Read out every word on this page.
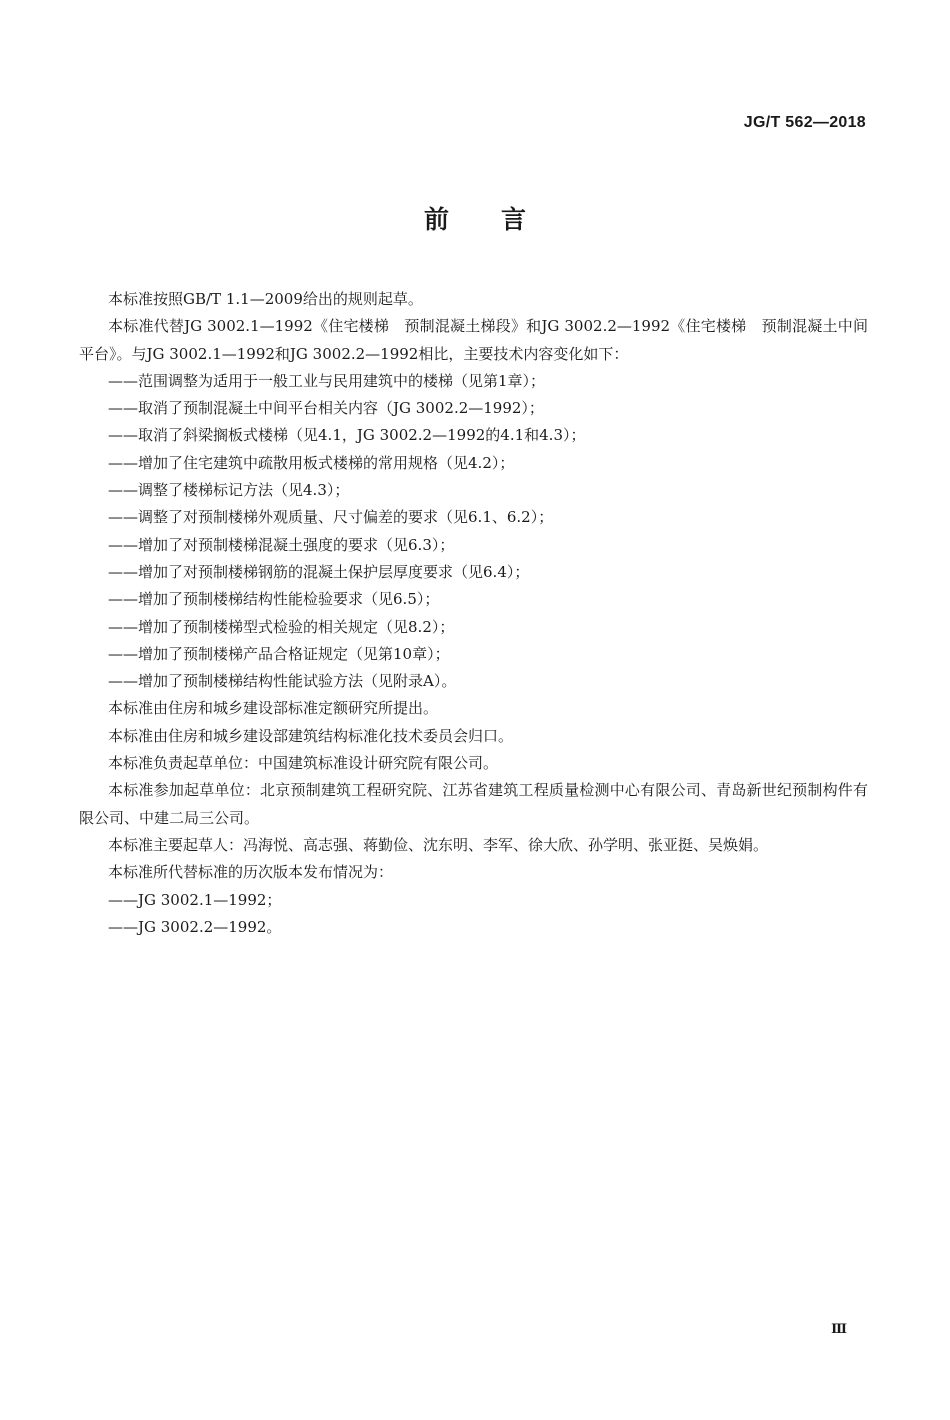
JG/T 562—2018
前言

本标准按照GB/T 1.1—2009给出的规则起草。

本标准代替JG 3002.1—1992《住宅楼梯　预制混凝土梯段》和JG 3002.2—1992《住宅楼梯　预制混凝土中间平台》。与JG 3002.1—1992和JG 3002.2—1992相比，主要技术内容变化如下：

——范围调整为适用于一般工业与民用建筑中的楼梯（见第1章）；

——取消了预制混凝土中间平台相关内容（JG 3002.2—1992）；

——取消了斜梁搁板式楼梯（见4.1，JG 3002.2—1992的4.1和4.3）；

——增加了住宅建筑中疏散用板式楼梯的常用规格（见4.2）；

——调整了楼梯标记方法（见4.3）；

——调整了对预制楼梯外观质量、尺寸偏差的要求（见6.1、6.2）；

——增加了对预制楼梯混凝土强度的要求（见6.3）；

——增加了对预制楼梯钢筋的混凝土保护层厚度要求（见6.4）；

——增加了预制楼梯结构性能检验要求（见6.5）；

——增加了预制楼梯型式检验的相关规定（见8.2）；

——增加了预制楼梯产品合格证规定（见第10章）；

——增加了预制楼梯结构性能试验方法（见附录A）。

本标准由住房和城乡建设部标准定额研究所提出。

本标准由住房和城乡建设部建筑结构标准化技术委员会归口。

本标准负责起草单位：中国建筑标准设计研究院有限公司。

本标准参加起草单位：北京预制建筑工程研究院、江苏省建筑工程质量检测中心有限公司、青岛新世纪预制构件有限公司、中建二局三公司。

本标准主要起草人：冯海悦、高志强、蒋勤俭、沈东明、李军、徐大欣、孙学明、张亚挺、吴焕娟。

本标准所代替标准的历次版本发布情况为：

——JG 3002.1—1992；

——JG 3002.2—1992。

Ⅲ
